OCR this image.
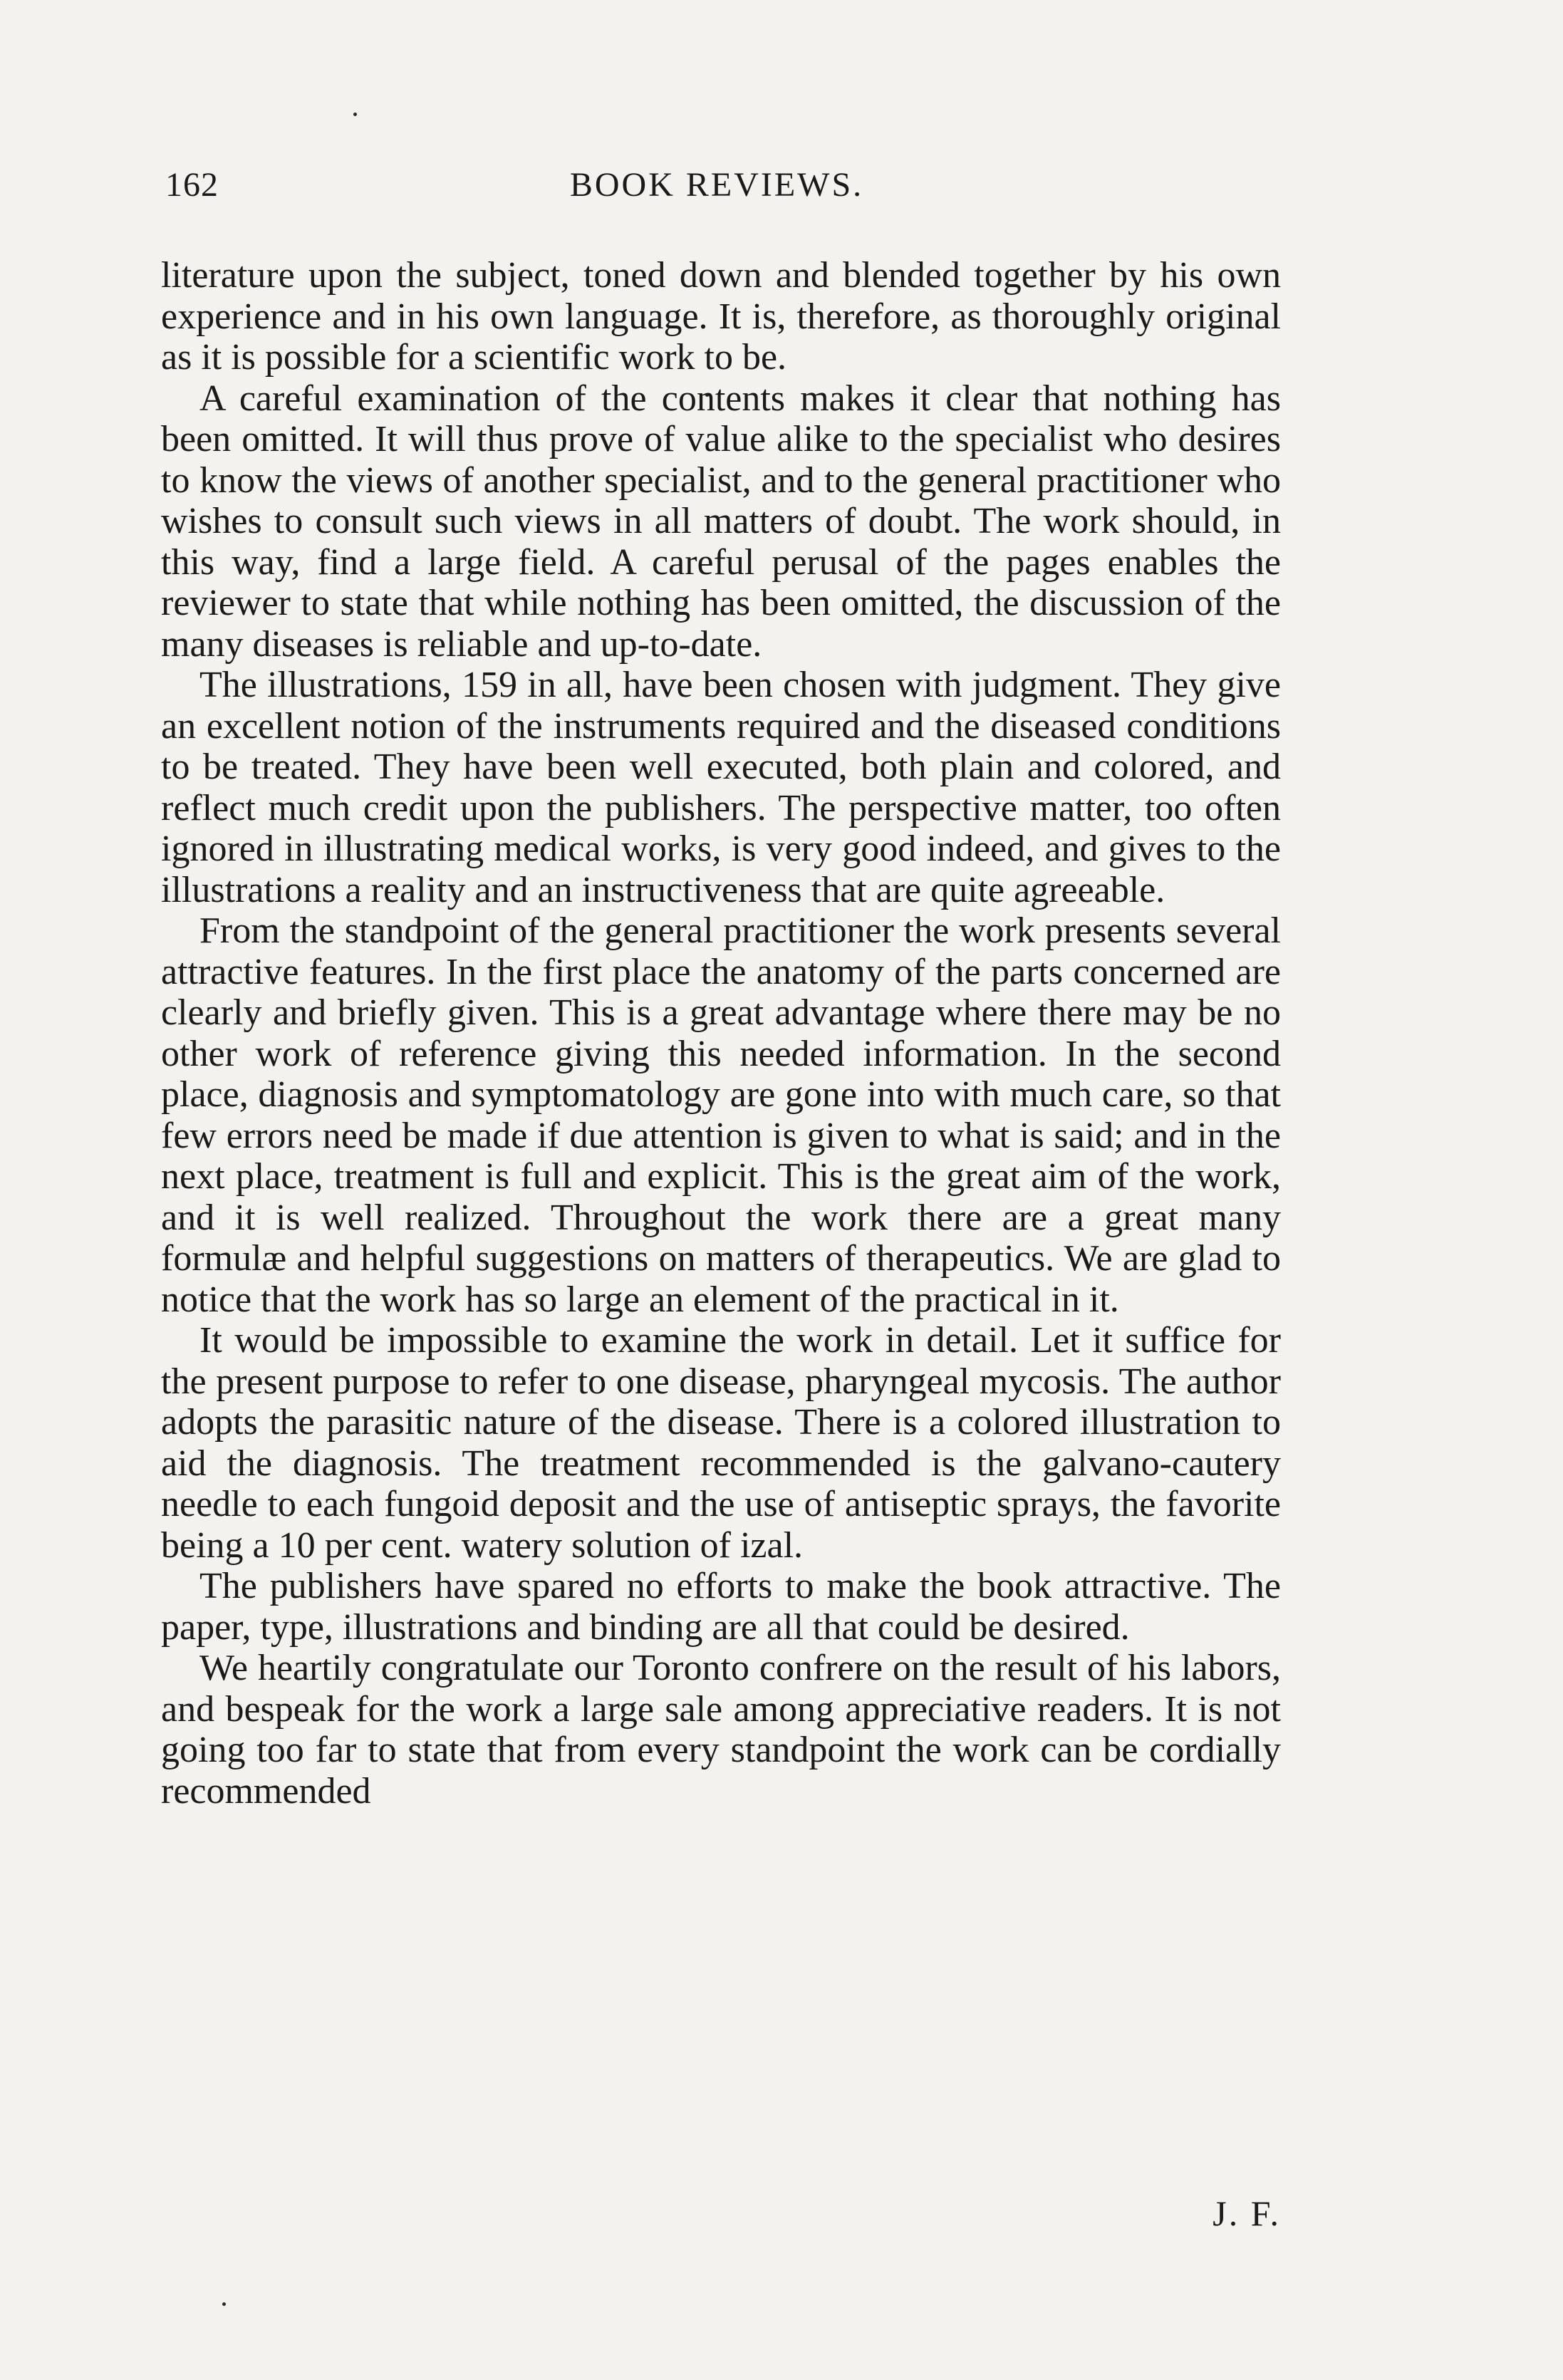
162	BOOK REVIEWS.

literature upon the subject, toned down and blended together by his own experience and in his own language. It is, therefore, as thoroughly original as it is possible for a scientific work to be.

A careful examination of the contents makes it clear that nothing has been omitted. It will thus prove of value alike to the specialist who desires to know the views of another specialist, and to the general practitioner who wishes to consult such views in all matters of doubt. The work should, in this way, find a large field. A careful perusal of the pages enables the reviewer to state that while nothing has been omitted, the discussion of the many diseases is reliable and up-to-date.

The illustrations, 159 in all, have been chosen with judgment. They give an excellent notion of the instruments required and the diseased conditions to be treated. They have been well executed, both plain and colored, and reflect much credit upon the publishers. The perspective matter, too often ignored in illustrating medical works, is very good indeed, and gives to the illustrations a reality and an instructiveness that are quite agreeable.

From the standpoint of the general practitioner the work presents several attractive features. In the first place the anatomy of the parts concerned are clearly and briefly given. This is a great advantage where there may be no other work of reference giving this needed information. In the second place, diagnosis and symptomatology are gone into with much care, so that few errors need be made if due attention is given to what is said; and in the next place, treatment is full and explicit. This is the great aim of the work, and it is well realized. Throughout the work there are a great many formulæ and helpful suggestions on matters of therapeutics. We are glad to notice that the work has so large an element of the practical in it.

It would be impossible to examine the work in detail. Let it suffice for the present purpose to refer to one disease, pharyngeal mycosis. The author adopts the parasitic nature of the disease. There is a colored illustration to aid the diagnosis. The treatment recommended is the galvano-cautery needle to each fungoid deposit and the use of antiseptic sprays, the favorite being a 10 per cent. watery solution of izal.

The publishers have spared no efforts to make the book attractive. The paper, type, illustrations and binding are all that could be desired.

We heartily congratulate our Toronto confrere on the result of his labors, and bespeak for the work a large sale among appreciative readers. It is not going too far to state that from every standpoint the work can be cordially recommended

J. F.
